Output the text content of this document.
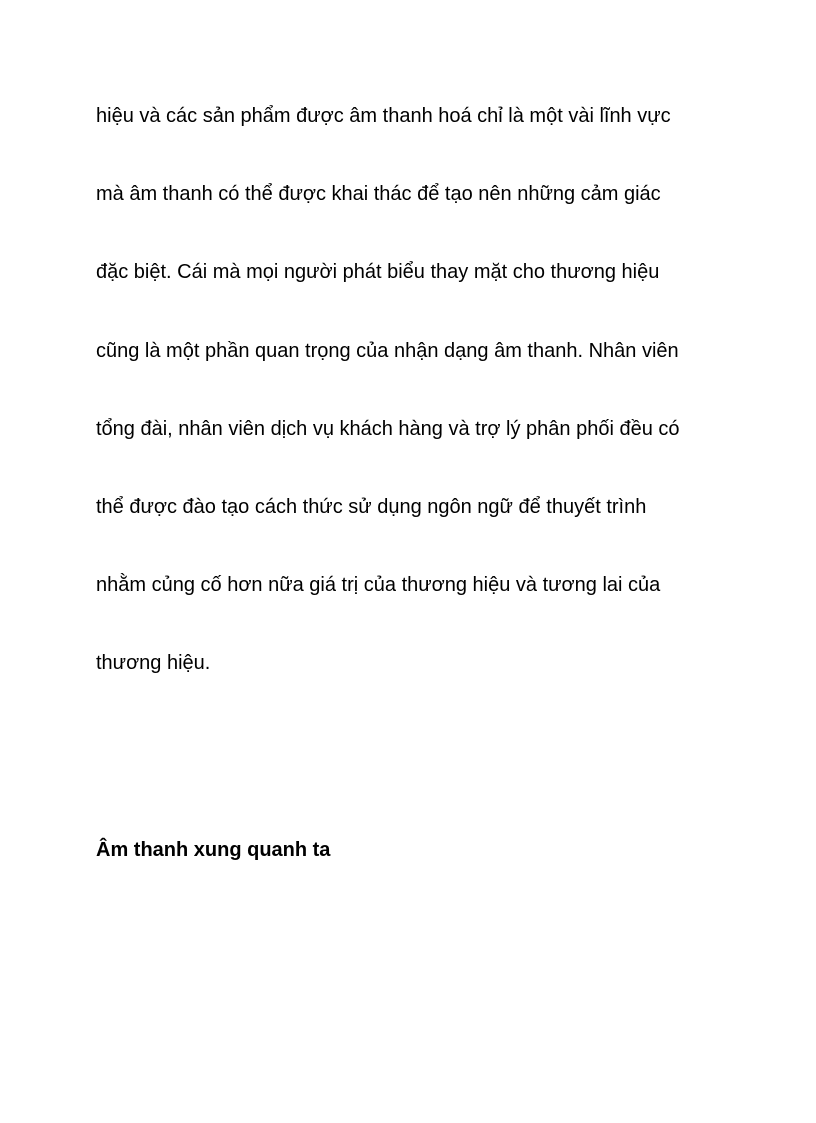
hiệu và các sản phẩm được âm thanh hoá chỉ là một vài lĩnh vực
mà âm thanh có thể được khai thác để tạo nên những cảm giác
đặc biệt. Cái mà mọi người phát biểu thay mặt cho thương hiệu
cũng là một phần quan trọng của nhận dạng âm thanh. Nhân viên
tổng đài, nhân viên dịch vụ khách hàng và trợ lý phân phối đều có
thể được đào tạo cách thức sử dụng ngôn ngữ để thuyết trình
nhằm củng cố hơn nữa giá trị của thương hiệu và tương lai của
thương hiệu.
Âm thanh xung quanh ta
